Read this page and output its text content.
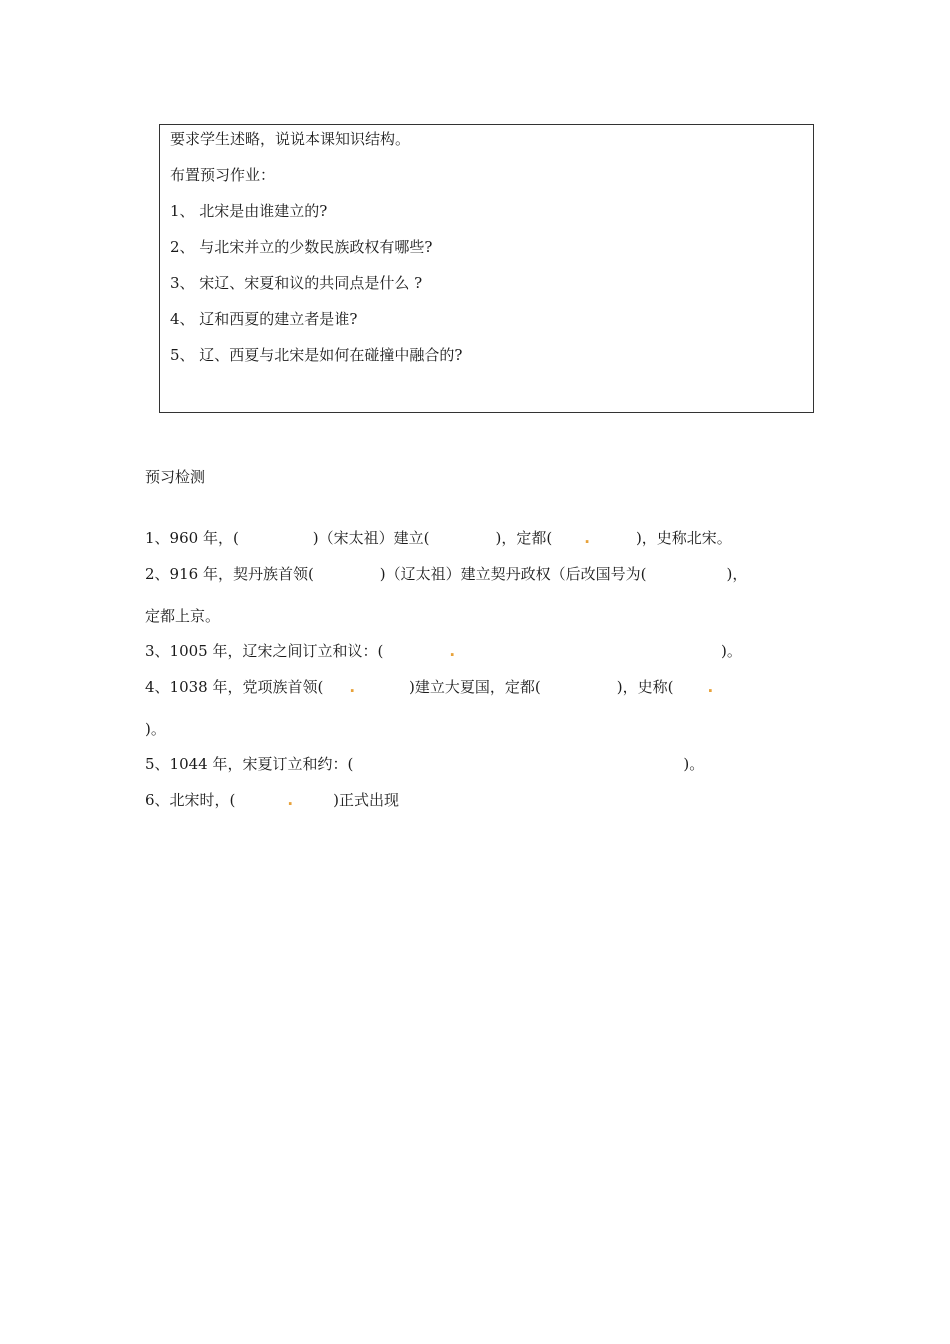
要求学生述略，说说本课知识结构。
布置预习作业：
1、 北宋是由谁建立的?
2、 与北宋并立的少数民族政权有哪些?
3、 宋辽、宋夏和议的共同点是什么 ?
4、 辽和西夏的建立者是谁?
5、 辽、西夏与北宋是如何在碰撞中融合的?
预习检测
1、960 年，(	)（宋太祖）建立(	)，定都( .	)，史称北宋。
2、916 年，契丹族首领(	)（辽太祖）建立契丹政权（后改国号为(	)，
定都上京。
3、1005 年，辽宋之间订立和议：(	.	)。
4、1038 年，党项族首领( .	)建立大夏国，定都(	)，史称( .
)。
5、1044 年，宋夏订立和约：(	)。
6、北宋时，(	.	)正式出现
